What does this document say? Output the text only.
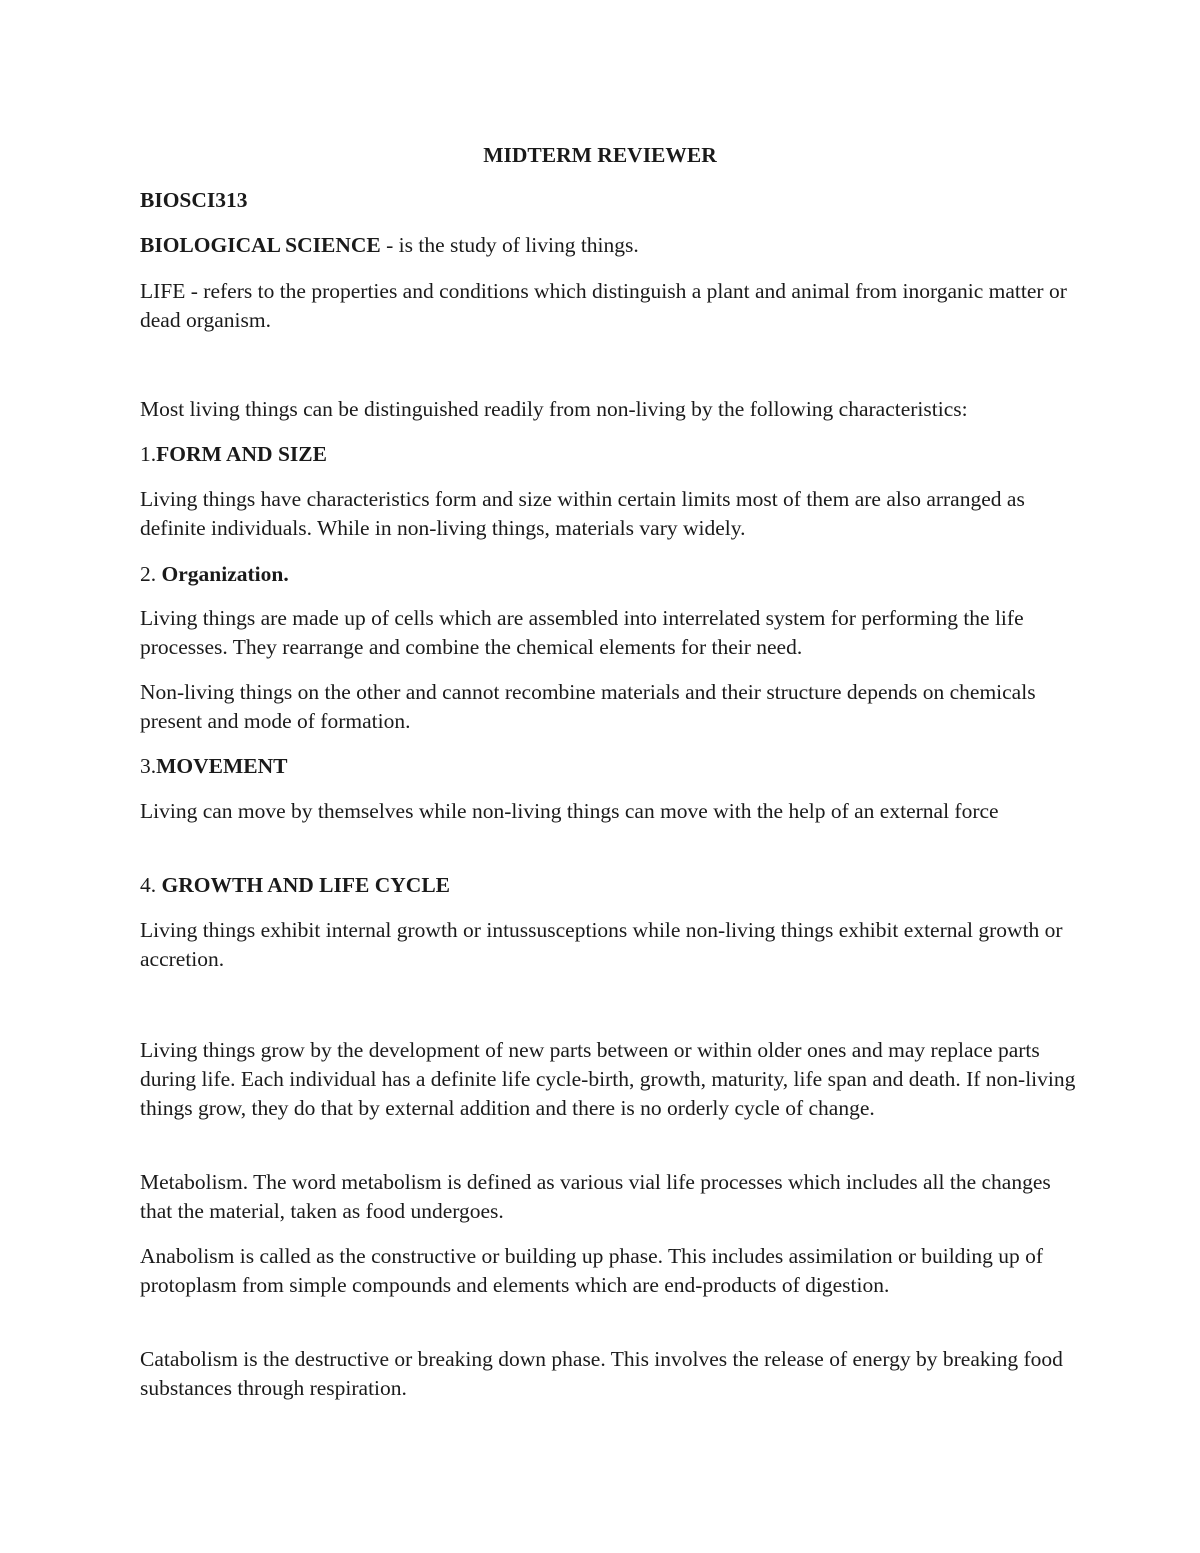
MIDTERM REVIEWER

BIOSCI313

BIOLOGICAL SCIENCE - is the study of living things.

LIFE - refers to the properties and conditions which distinguish a plant and animal from inorganic matter or dead organism.

Most living things can be distinguished readily from non-living by the following characteristics:

1.FORM AND SIZE

Living things have characteristics form and size within certain limits most of them are also arranged as definite individuals. While in non-living things, materials vary widely.

2. Organization.

Living things are made up of cells which are assembled into interrelated system for performing the life processes. They rearrange and combine the chemical elements for their need.

Non-living things on the other and cannot recombine materials and their structure depends on chemicals present and mode of formation.

3.MOVEMENT

Living can move by themselves while non-living things can move with the help of an external force

4. GROWTH AND LIFE CYCLE

Living things exhibit internal growth or intussusceptions while non-living things exhibit external growth or accretion.

Living things grow by the development of new parts between or within older ones and may replace parts during life. Each individual has a definite life cycle-birth, growth, maturity, life span and death. If non-living things grow, they do that by external addition and there is no orderly cycle of change.

Metabolism. The word metabolism is defined as various vial life processes which includes all the changes that the material, taken as food undergoes.

Anabolism is called as the constructive or building up phase. This includes assimilation or building up of protoplasm from simple compounds and elements which are end-products of digestion.

Catabolism is the destructive or breaking down phase. This involves the release of energy by breaking food substances through respiration.
